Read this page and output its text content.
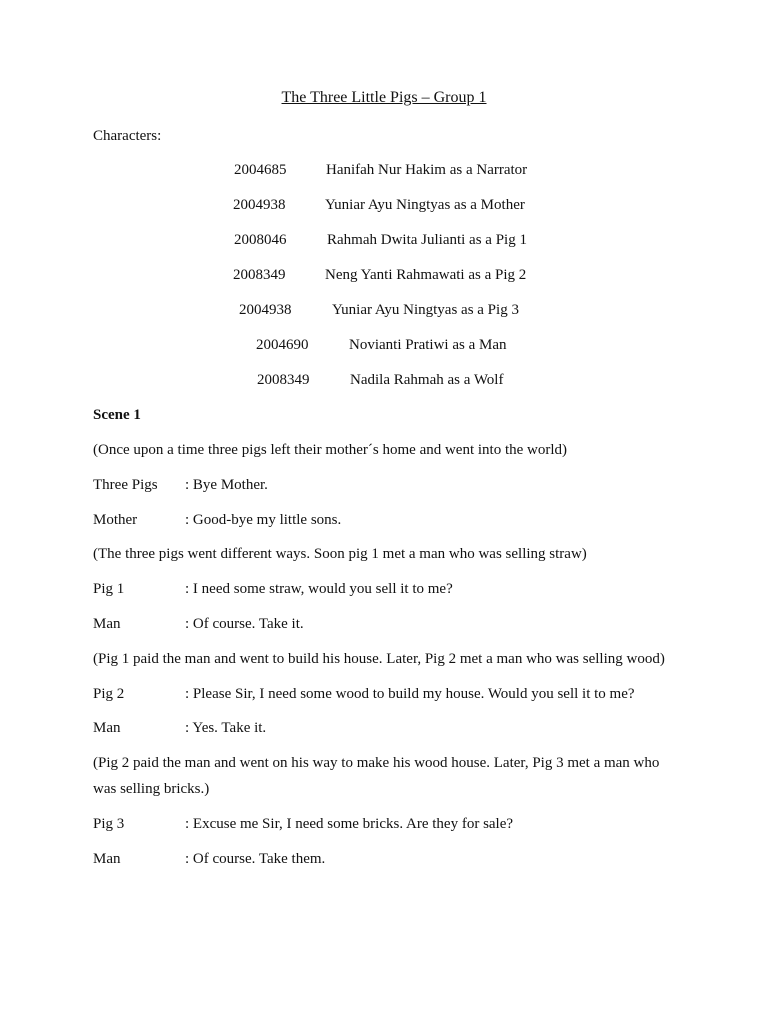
The Three Little Pigs – Group 1
Characters:
2004685	Hanifah Nur Hakim as a Narrator
2004938	Yuniar Ayu Ningtyas as a Mother
2008046	Rahmah Dwita Julianti as a Pig 1
2008349	Neng Yanti Rahmawati as a Pig 2
2004938	Yuniar Ayu Ningtyas as a Pig 3
2004690	Novianti Pratiwi as a Man
2008349	Nadila Rahmah as a Wolf
Scene 1
(Once upon a time three pigs left their mother´s home and went into the world)
Three Pigs : Bye Mother.
Mother	: Good-bye my little sons.
(The three pigs went different ways. Soon pig 1 met a man who was selling straw)
Pig 1	: I need some straw, would you sell it to me?
Man	: Of course. Take it.
(Pig 1 paid the man and went to build his house. Later, Pig 2 met a man who was selling wood)
Pig 2	: Please Sir, I need some wood to build my house. Would you sell it to me?
Man	: Yes. Take it.
(Pig 2 paid the man and went on his way to make his wood house. Later, Pig 3 met a man who was selling bricks.)
Pig 3	: Excuse me Sir, I need some bricks. Are they for sale?
Man	: Of course. Take them.
